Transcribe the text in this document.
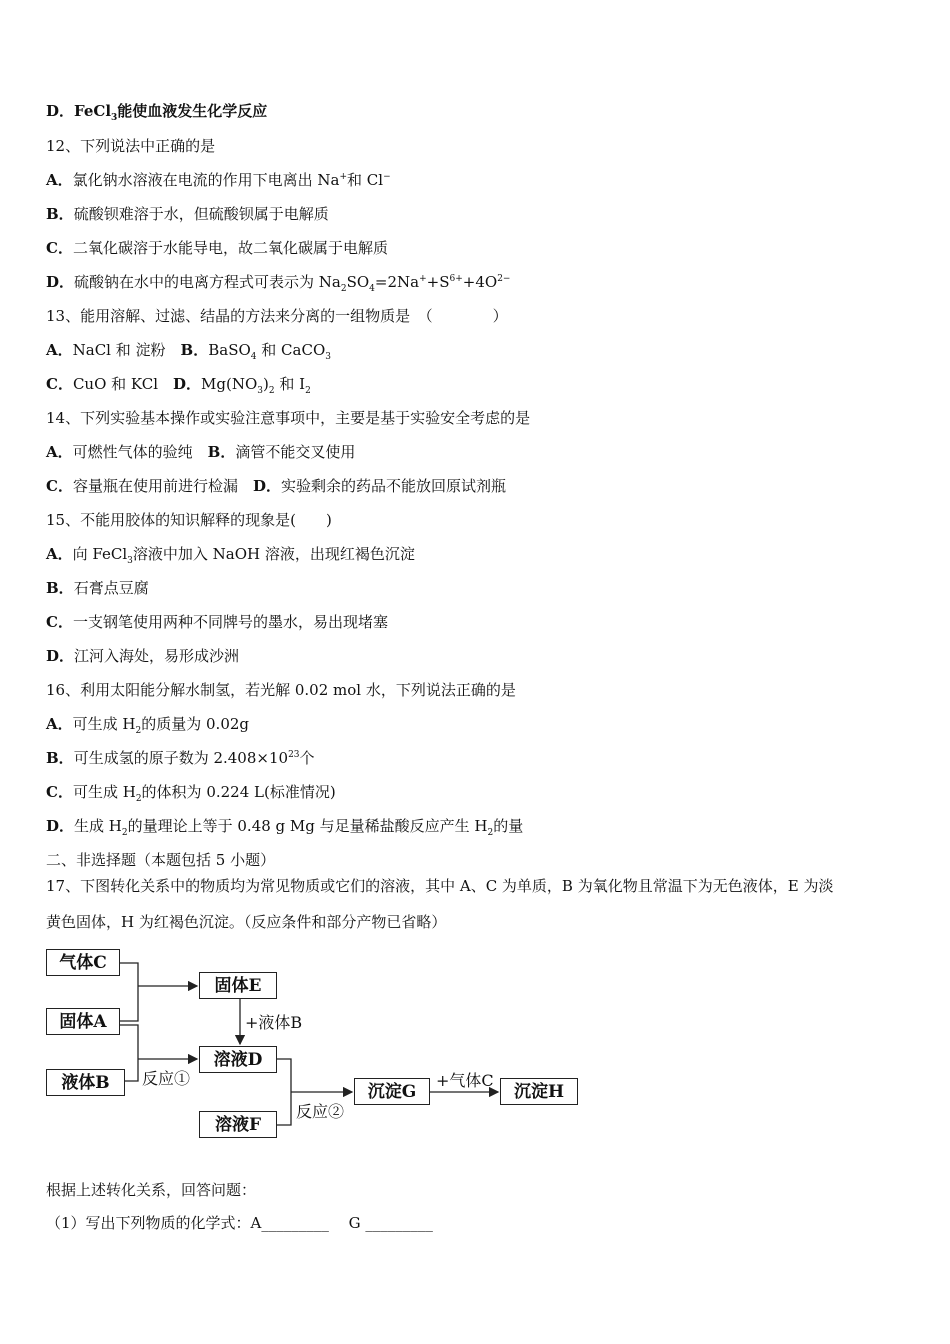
D．FeCl$_3$能使血液发生化学反应
12、下列说法中正确的是
A．氯化钠水溶液在电流的作用下电离出 Na+和 Cl−
B．硫酸钡难溶于水，但硫酸钡属于电解质
C．二氧化碳溶于水能导电，故二氧化碳属于电解质
D．硫酸钠在水中的电离方程式可表示为 $Na_2SO_4=2Na^++S^{6+}+4O^{2-}$
13、能用溶解、过滤、结晶的方法来分离的一组物质是　（　　　　）
A．NaCl 和 淀粉　 B．BaSO$_4$ 和 CaCO$_3$
C．CuO 和 KCl　 D．$Mg(NO_3)_2$ 和 $I_2$
14、下列实验基本操作或实验注意事项中，主要是基于实验安全考虑的是
A．可燃性气体的验纯　 B．滴管不能交叉使用
C．容量瓶在使用前进行检漏　 D．实验剩余的药品不能放回原试剂瓶
15、不能用胶体的知识解释的现象是(　　)
A．向 FeCl$_3$溶液中加入 NaOH 溶液，出现红褐色沉淀
B．石膏点豆腐
C．一支钢笔使用两种不同牌号的墨水，易出现堵塞
D．江河入海处，易形成沙洲
16、利用太阳能分解水制氢，若光解 0.02 mol 水，下列说法正确的是
A．可生成 $H_2$的质量为 0.02g
B．可生成氢的原子数为 $2.408\times 10^{23}$个
C．可生成 $H_2$的体积为 0.224 L(标准情况)
D．生成 $H_2$的量理论上等于 0.48 g Mg 与足量稀盐酸反应产生 $H_2$的量
二、非选择题（本题包括 5 小题）
17、下图转化关系中的物质均为常见物质或它们的溶液，其中 A、C 为单质，B 为氧化物且常温下为无色液体，E 为淡
黄色固体，H 为红褐色沉淀。（反应条件和部分产物已省略）
气体C
固体A
液体B
固体E
溶液D
溶液F
沉淀G	沉淀H
+液体B
反应①
反应②
+气体C
根据上述转化关系，回答问题：
（1）写出下列物质的化学式：A_________　 G _________
